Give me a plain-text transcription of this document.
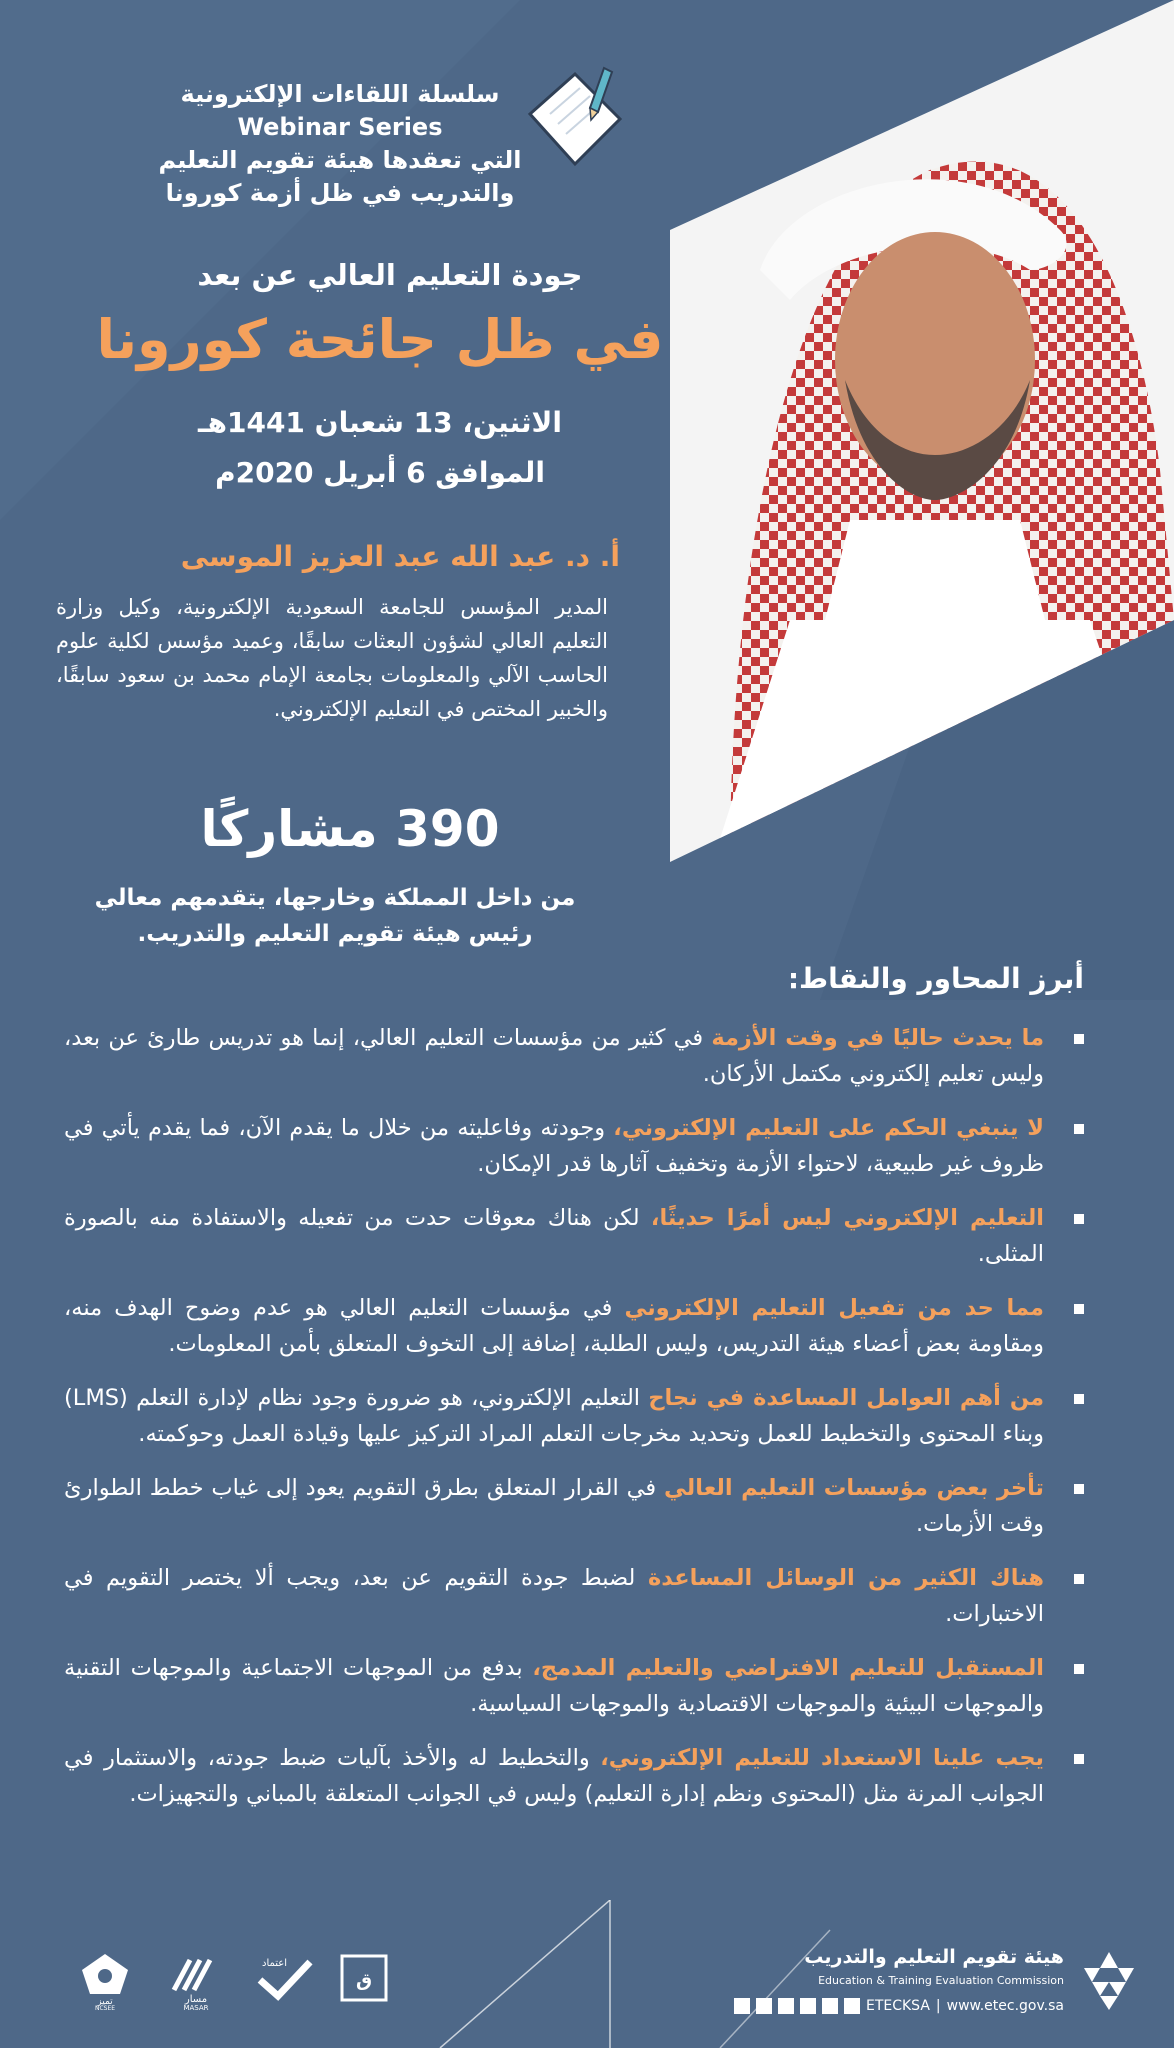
سلسلة اللقاءات الإلكترونية
Webinar Series
التي تعقدها هيئة تقويم التعليم
والتدريب في ظل أزمة كورونا
جودة التعليم العالي عن بعد
في ظل جائحة كورونا
الاثنين، 13 شعبان 1441هـ
الموافق 6 أبريل 2020م
أ. د. عبد الله عبد العزيز الموسى
المدير المؤسس للجامعة السعودية الإلكترونية، وكيل وزارة التعليم العالي لشؤون البعثات سابقًا، وعميد مؤسس لكلية علوم الحاسب الآلي والمعلومات بجامعة الإمام محمد بن سعود سابقًا، والخبير المختص في التعليم الإلكتروني.
390 مشاركًا
من داخل المملكة وخارجها، يتقدمهم معالي رئيس هيئة تقويم التعليم والتدريب.
أبرز المحاور والنقاط:
ما يحدث حاليًا في وقت الأزمة في كثير من مؤسسات التعليم العالي، إنما هو تدريس طارئ عن بعد، وليس تعليم إلكتروني مكتمل الأركان.
لا ينبغي الحكم على التعليم الإلكتروني، وجودته وفاعليته من خلال ما يقدم الآن، فما يقدم يأتي في ظروف غير طبيعية، لاحتواء الأزمة وتخفيف آثارها قدر الإمكان.
التعليم الإلكتروني ليس أمرًا حديثًا، لكن هناك معوقات حدت من تفعيله والاستفادة منه بالصورة المثلى.
مما حد من تفعيل التعليم الإلكتروني في مؤسسات التعليم العالي هو عدم وضوح الهدف منه، ومقاومة بعض أعضاء هيئة التدريس، وليس الطلبة، إضافة إلى التخوف المتعلق بأمن المعلومات.
من أهم العوامل المساعدة في نجاح التعليم الإلكتروني، هو ضرورة وجود نظام لإدارة التعلم (LMS) وبناء المحتوى والتخطيط للعمل وتحديد مخرجات التعلم المراد التركيز عليها وقيادة العمل وحوكمته.
تأخر بعض مؤسسات التعليم العالي في القرار المتعلق بطرق التقويم يعود إلى غياب خطط الطوارئ وقت الأزمات.
هناك الكثير من الوسائل المساعدة لضبط جودة التقويم عن بعد، ويجب ألا يختصر التقويم في الاختبارات.
المستقبل للتعليم الافتراضي والتعليم المدمج، بدفع من الموجهات الاجتماعية والموجهات التقنية والموجهات البيئية والموجهات الاقتصادية والموجهات السياسية.
يجب علينا الاستعداد للتعليم الإلكتروني، والتخطيط له والأخذ بآليات ضبط جودته، والاستثمار في الجوانب المرنة مثل (المحتوى ونظم إدارة التعليم) وليس في الجوانب المتعلقة بالمباني والتجهيزات.
ق
اعتماد
مسار
MASAR
تميز
NCSEE
هيئة تقويم التعليم والتدريب
Education & Training Evaluation Commission
ETECKSA | www.etec.gov.sa
